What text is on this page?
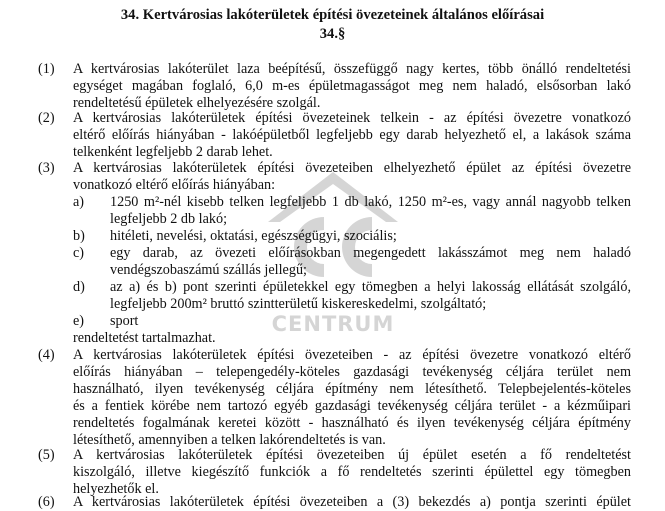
34. Kertvárosias lakóterületek építési övezeteinek általános előírásai
34.§
CENTRUM
(1) A kertvárosias lakóterület laza beépítésű, összefüggő nagy kertes, több önálló rendeltetési
egységet magában foglaló, 6,0 m-es épületmagasságot meg nem haladó, elsősorban lakó
rendeltetésű épületek elhelyezésére szolgál.
(2) A kertvárosias lakóterületek építési övezeteinek telkein - az építési övezetre vonatkozó
eltérő előírás hiányában - lakóépületből legfeljebb egy darab helyezhető el, a lakások száma
telkenként legfeljebb 2 darab lehet.
(3) A kertvárosias lakóterületek építési övezeteiben elhelyezhető épület az építési övezetre
vonatkozó eltérő előírás hiányában:
a) 1250 m²-nél kisebb telken legfeljebb 1 db lakó, 1250 m²-es, vagy annál nagyobb telken
legfeljebb 2 db lakó;
b) hitéleti, nevelési, oktatási, egészségügyi, szociális;
c) egy darab, az övezeti előírásokban megengedett lakásszámot meg nem haladó
vendégszobaszámú szállás jellegű;
d) az a) és b) pont szerinti épületekkel egy tömegben a helyi lakosság ellátását szolgáló,
legfeljebb 200m² bruttó szintterületű kiskereskedelmi, szolgáltató;
e) sport
rendeltetést tartalmazhat.
(4) A kertvárosias lakóterületek építési övezeteiben - az építési övezetre vonatkozó eltérő
előírás hiányában – telepengedély-köteles gazdasági tevékenység céljára terület nem
használható, ilyen tevékenység céljára építmény nem létesíthető. Telepbejelentés-köteles
és a fentiek körébe nem tartozó egyéb gazdasági tevékenység céljára terület - a kézműipari
rendeltetés fogalmának keretei között - használható és ilyen tevékenység céljára építmény
létesíthető, amennyiben a telken lakórendeltetés is van.
(5) A kertvárosias lakóterületek építési övezeteiben új épület esetén a fő rendeltetést
kiszolgáló, illetve kiegészítő funkciók a fő rendeltetés szerinti épülettel egy tömegben
helyezhetők el.
(6) A kertvárosias lakóterületek építési övezeteiben a (3) bekezdés a) pontja szerinti épület
